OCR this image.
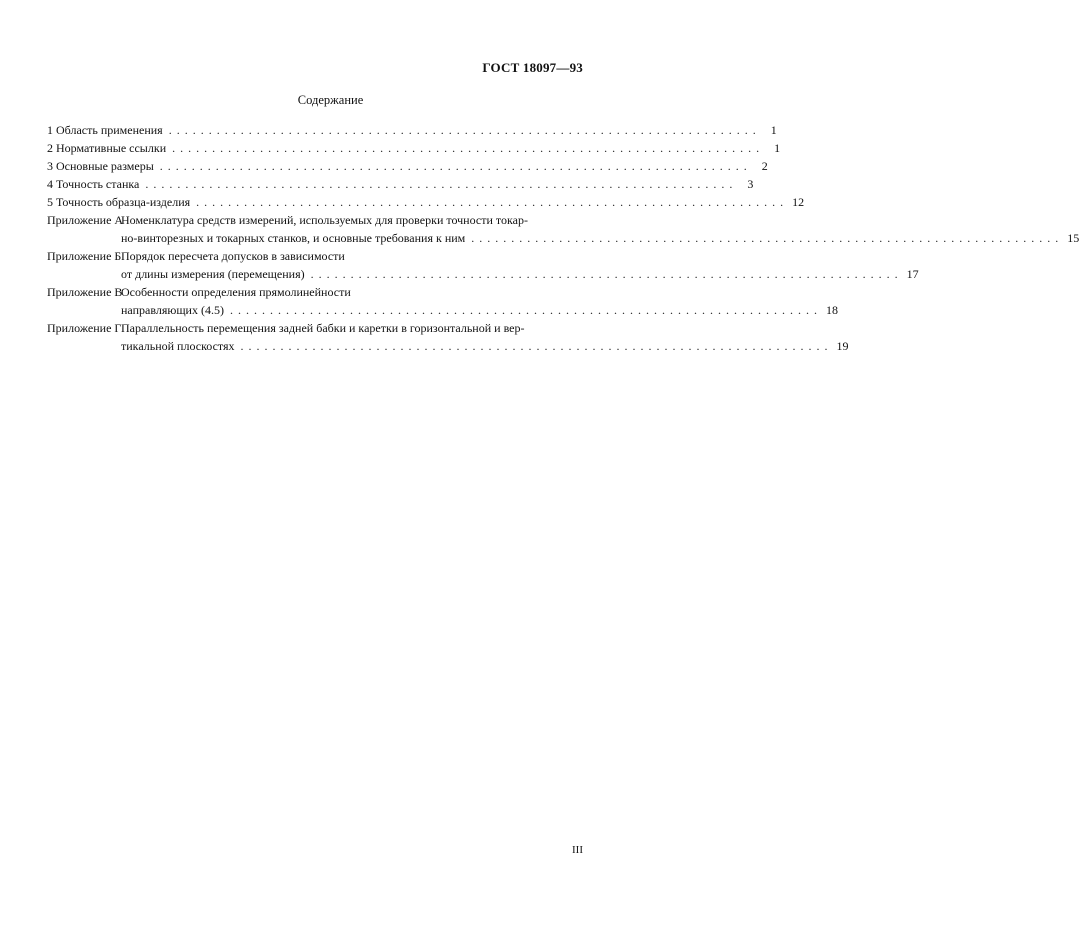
ГОСТ 18097—93
Содержание
1 Область применения . . .	1
2 Нормативные ссылки . . .	1
3 Основные размеры . . .	2
4 Точность станка . . .	3
5 Точность образца-изделия . . .	12
Приложение А
Номенклатура средств измерений, используемых для проверки точности токар-
но-винторезных и токарных станков, и основные требования к ним . . .	15
Приложение Б Порядок пересчета допусков в зависимости
от длины измерения (перемещения) . . .	17
Приложение В
Особенности определения прямолинейности
направляющих (4.5) . . .	18
Приложение Г Параллельность перемещения задней бабки и каретки в горизонтальной и вер-
тикальной плоскостях . . .	19
III
